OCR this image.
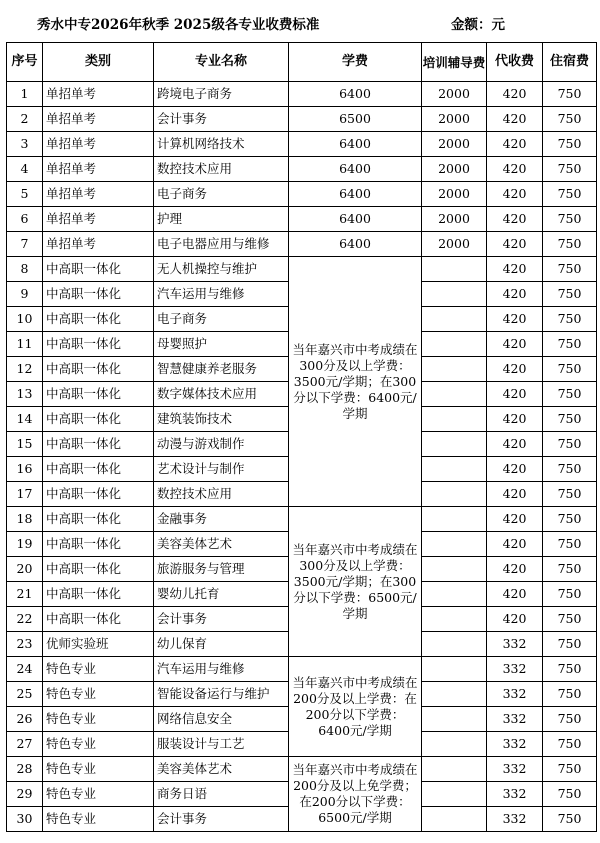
秀水中专2026年秋季 2025级各专业收费标准	金额：元
序号	类别	专业名称	学费	培训辅导费	代收费	住宿费
1	单招单考	跨境电子商务	6400	2000	420	750
2	单招单考	会计事务	6500	2000	420	750
3	单招单考	计算机网络技术	6400	2000	420	750
4	单招单考	数控技术应用	6400	2000	420	750
5	单招单考	电子商务	6400	2000	420	750
6	单招单考	护理	6400	2000	420	750
7	单招单考	电子电器应用与维修	6400	2000	420	750
8	中高职一体化	无人机操控与维护	当年嘉兴市中考成绩在300分及以上学费：3500元/学期；在300分以下学费：6400元/学期		420	750
9	中高职一体化	汽车运用与维修			420	750
10	中高职一体化	电子商务			420	750
11	中高职一体化	母婴照护			420	750
12	中高职一体化	智慧健康养老服务			420	750
13	中高职一体化	数字媒体技术应用			420	750
14	中高职一体化	建筑装饰技术			420	750
15	中高职一体化	动漫与游戏制作			420	750
16	中高职一体化	艺术设计与制作			420	750
17	中高职一体化	数控技术应用			420	750
18	中高职一体化	金融事务	当年嘉兴市中考成绩在300分及以上学费：3500元/学期；在300分以下学费：6500元/学期		420	750
19	中高职一体化	美容美体艺术			420	750
20	中高职一体化	旅游服务与管理			420	750
21	中高职一体化	婴幼儿托育			420	750
22	中高职一体化	会计事务			420	750
23	优师实验班	幼儿保育			332	750
24	特色专业	汽车运用与维修	当年嘉兴市中考成绩在200分及以上学费：在200分以下学费：6400元/学期		332	750
25	特色专业	智能设备运行与维护			332	750
26	特色专业	网络信息安全			332	750
27	特色专业	服装设计与工艺			332	750
28	特色专业	美容美体艺术	当年嘉兴市中考成绩在200分及以上免学费；在200分以下学费：6500元/学期		332	750
29	特色专业	商务日语			332	750
30	特色专业	会计事务			332	750
